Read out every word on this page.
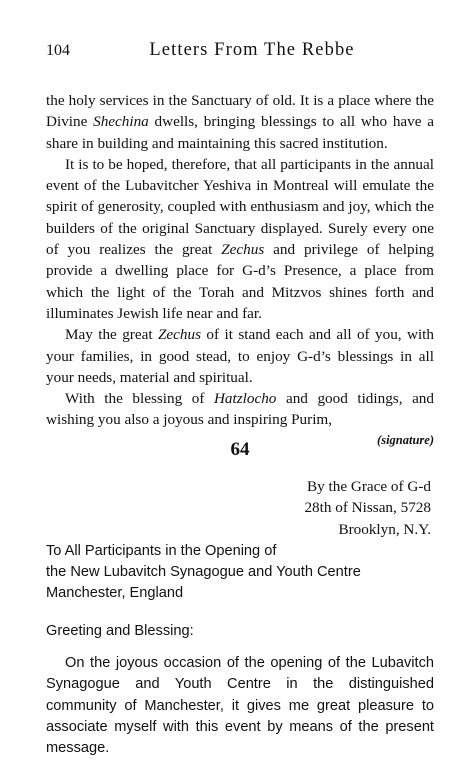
104	Letters From The Rebbe

the holy services in the Sanctuary of old. It is a place where the Divine Shechina dwells, bringing blessings to all who have a share in building and maintaining this sacred institution.

It is to be hoped, therefore, that all participants in the annual event of the Lubavitcher Yeshiva in Montreal will emulate the spirit of generosity, coupled with enthusiasm and joy, which the builders of the original Sanctuary displayed. Surely every one of you realizes the great Zechus and privilege of helping provide a dwelling place for G-d’s Presence, a place from which the light of the Torah and Mitzvos shines forth and illuminates Jewish life near and far.

May the great Zechus of it stand each and all of you, with your families, in good stead, to enjoy G-d’s blessings in all your needs, material and spiritual.

With the blessing of Hatzlocho and good tidings, and wishing you also a joyous and inspiring Purim,

(signature)
64
By the Grace of G-d
28th of Nissan, 5728
Brooklyn, N.Y.
To All Participants in the Opening of
the New Lubavitch Synagogue and Youth Centre
Manchester, England
Greeting and Blessing:

On the joyous occasion of the opening of the Lubavitch Synagogue and Youth Centre in the distinguished community of Manchester, it gives me great pleasure to associate myself with this event by means of the present message.
